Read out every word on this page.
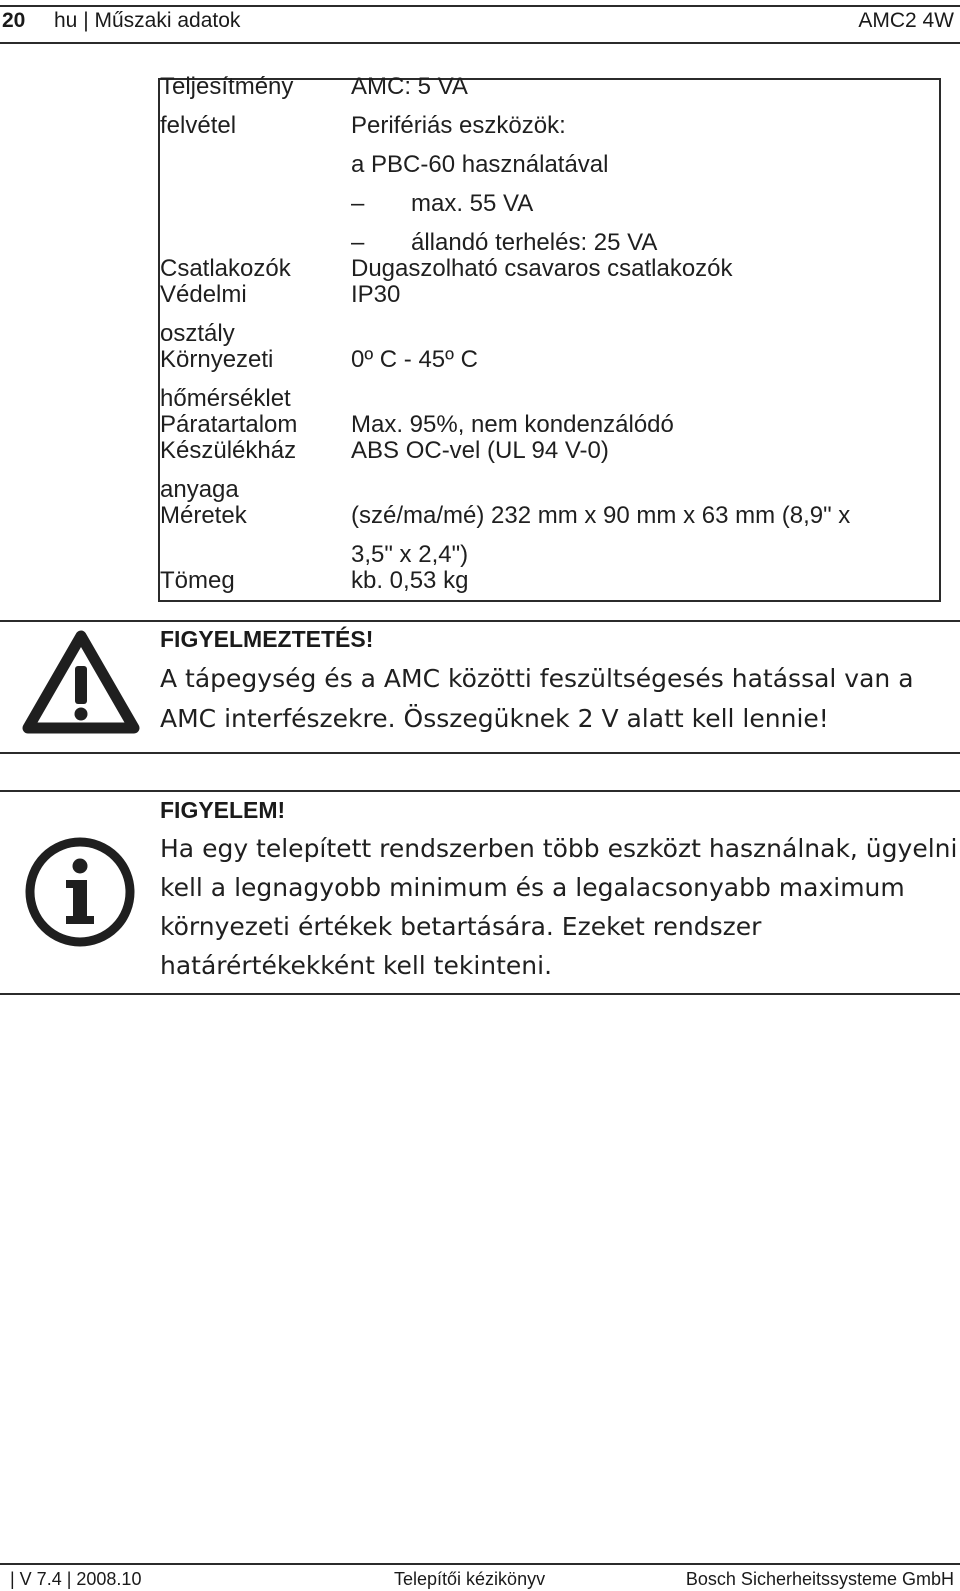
20 hu | Műszaki adatok	AMC2 4W
Teljesítmény AMC: 5 VA
felvétel	Perifériás eszközök:
a PBC-60 használatával
– max. 55 VA
– állandó terhelés: 25 VA
Csatlakozók	Dugaszolható csavaros csatlakozók
Védelmi	IP30
osztály
Környezeti	0º C - 45º C
hőmérséklet
Páratartalom Max. 95%, nem kondenzálódó
Készülékház ABS OC-vel (UL 94 V-0)
anyaga
Méretek	(szé/ma/mé) 232 mm x 90 mm x 63 mm (8,9" x
3,5" x 2,4")
Tömeg	kb. 0,53 kg
FIGYELMEZTETÉS!
A tápegység és a AMC közötti feszültségesés hatással van a
AMC interfészekre. Összegüknek 2 V alatt kell lennie!
FIGYELEM!
Ha egy telepített rendszerben több eszközt használnak, ügyelni
kell a legnagyobb minimum és a legalacsonyabb maximum
környezeti értékek betartására. Ezeket rendszer
határértékekként kell tekinteni.
| V 7.4 | 2008.10	Telepítői kézikönyv	Bosch Sicherheitssysteme GmbH
